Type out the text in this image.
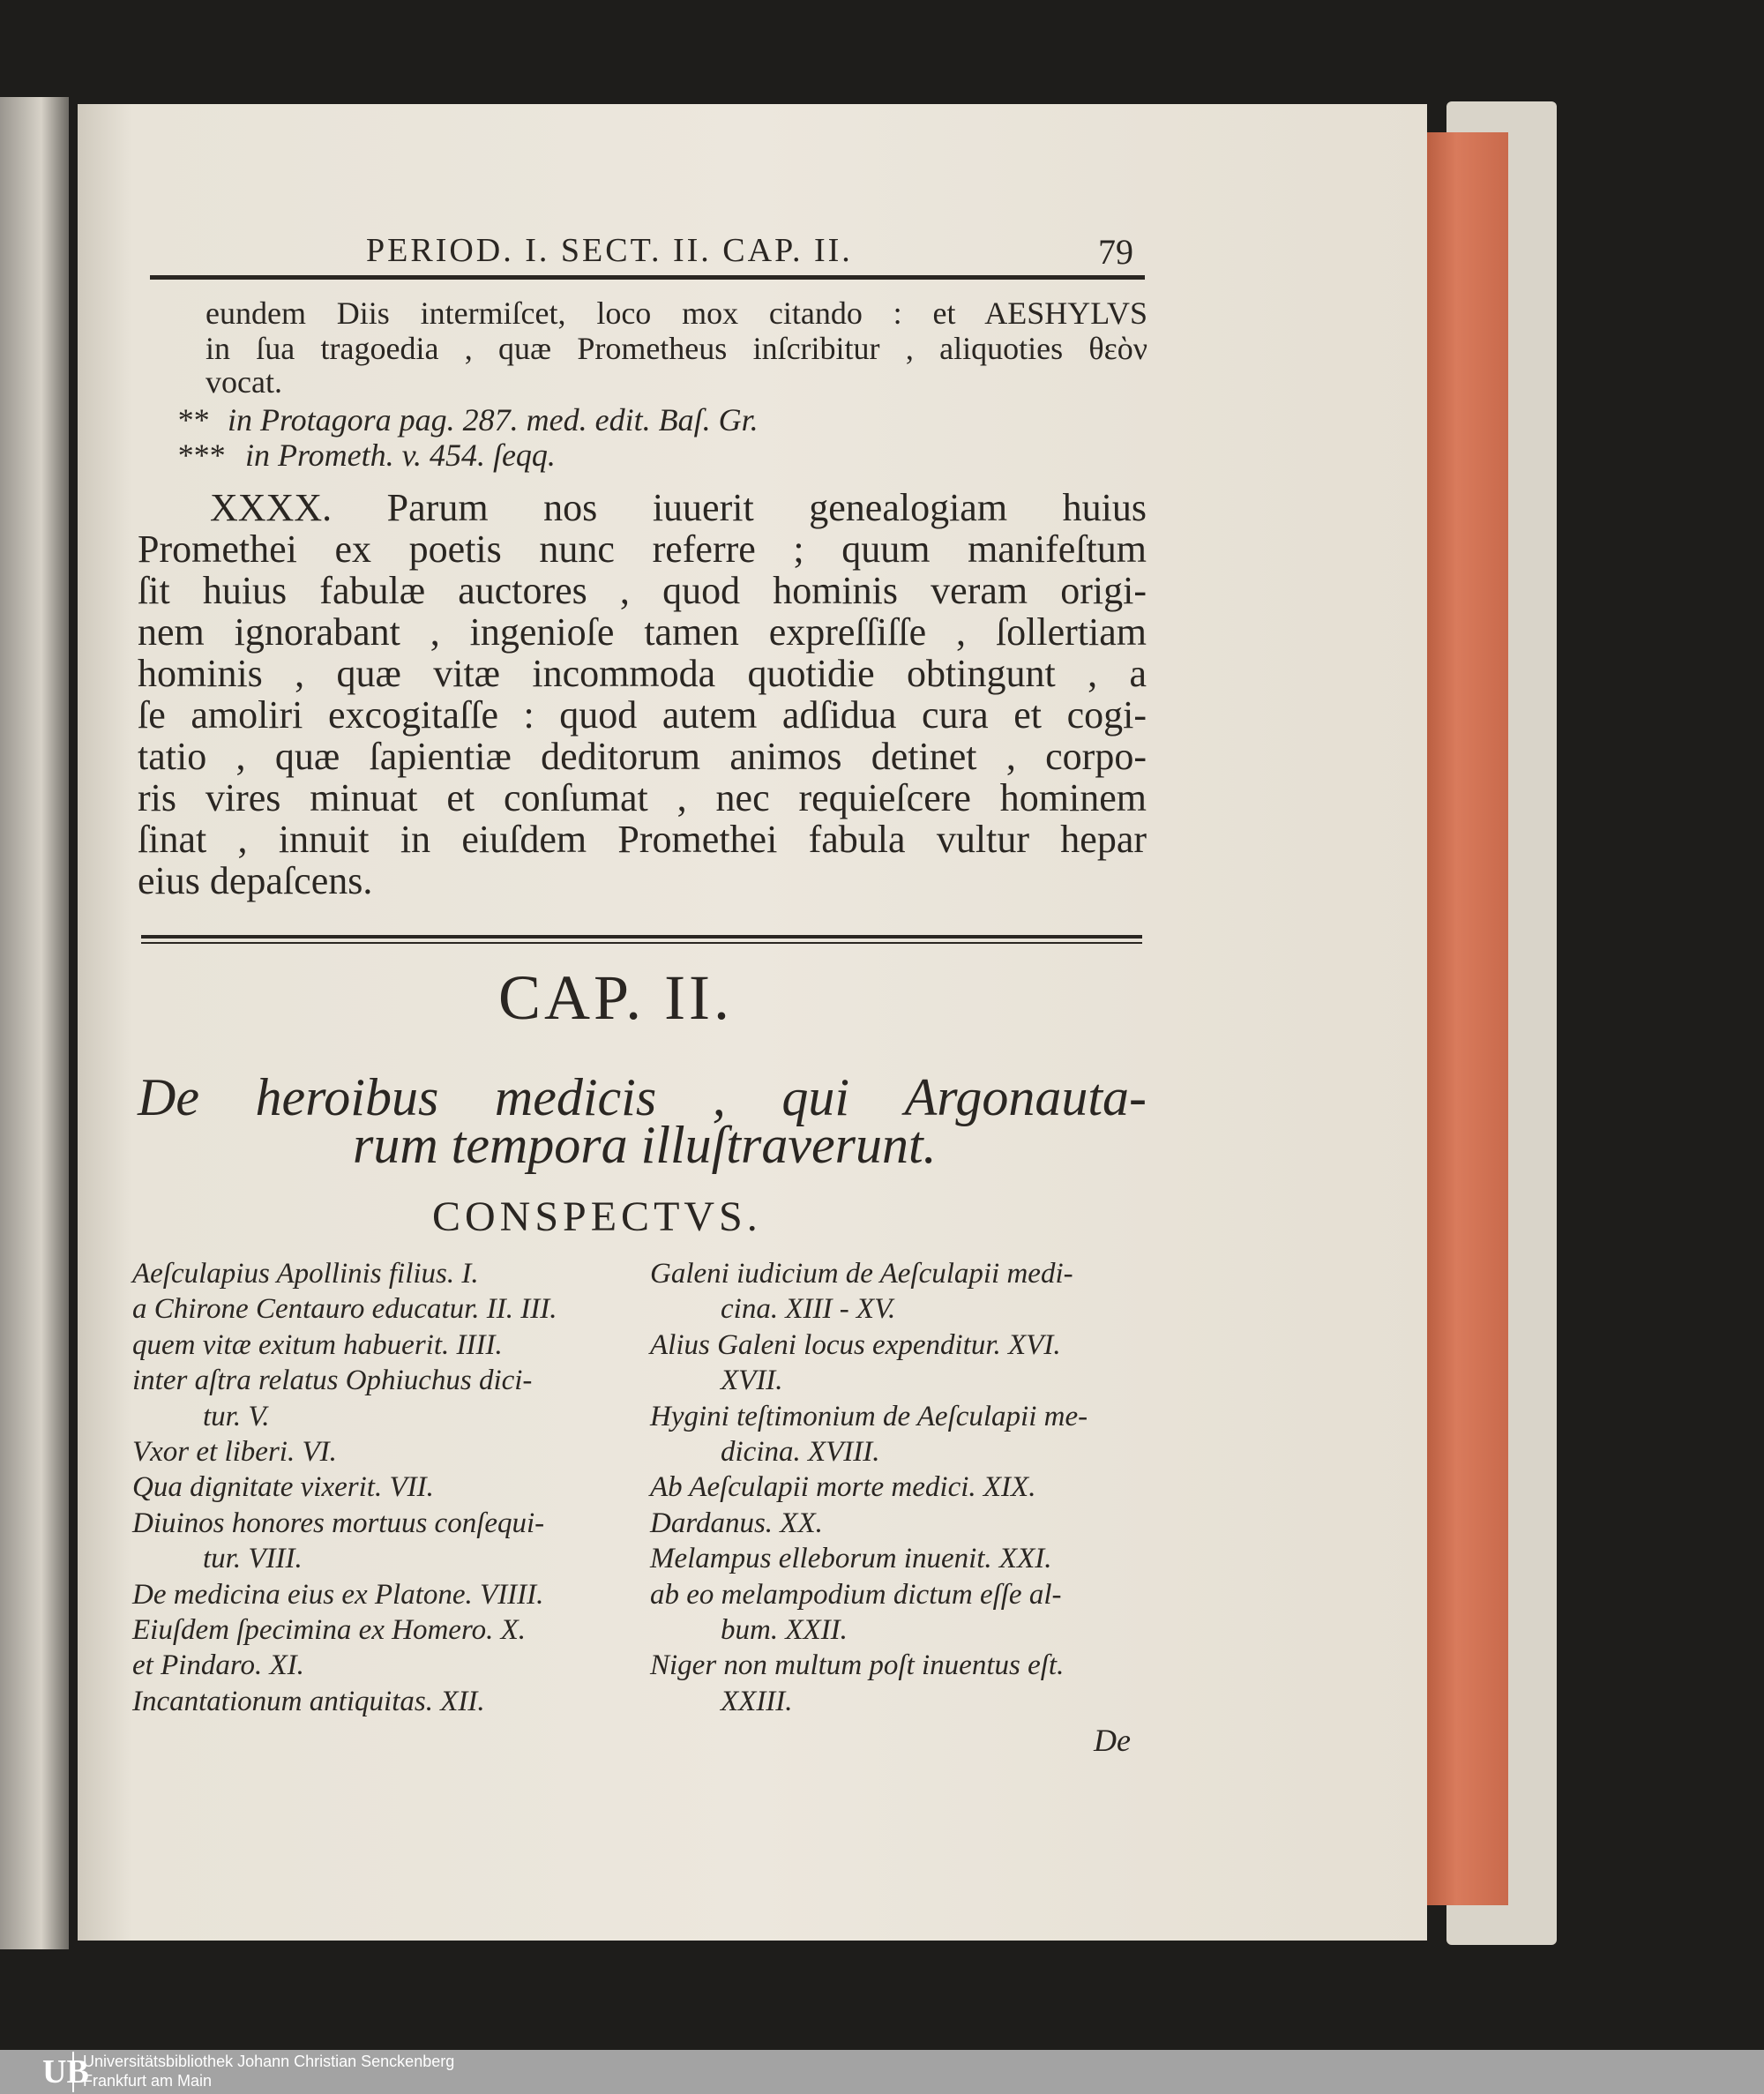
PERIOD. I. SECT. II. CAP. II.	79
eundem Diis intermiſcet, loco mox citando : et AESHYLVS
in ſua tragoedia , quæ Prometheus inſcribitur , aliquoties θεὸν
vocat.
** in Protagora pag. 287. med. edit. Baſ. Gr.
*** in Prometh. v. 454. ſeqq.
XXXX. Parum nos iuuerit genealogiam huius
Promethei ex poetis nunc referre ; quum manifeſtum
ſit huius fabulæ auctores , quod hominis veram origi-
nem ignorabant , ingenioſe tamen expreſſiſſe , ſollertiam
hominis , quæ vitæ incommoda quotidie obtingunt , a
ſe amoliri excogitaſſe : quod autem adſidua cura et cogi-
tatio , quæ ſapientiæ deditorum animos detinet , corpo-
ris vires minuat et conſumat , nec requieſcere hominem
ſinat , innuit in eiuſdem Promethei fabula vultur hepar
eius depaſcens.
CAP. II.
De heroibus medicis , qui Argonauta-
rum tempora illuſtraverunt.
CONSPECTVS.
Aeſculapius Apollinis filius. I.
a Chirone Centauro educatur. II. III.
quem vitæ exitum habuerit. IIII.
inter aſtra relatus Ophiuchus dici-
tur. V.
Vxor et liberi. VI.
Qua dignitate vixerit. VII.
Diuinos honores mortuus conſequi-
tur. VIII.
De medicina eius ex Platone. VIIII.
Eiuſdem ſpecimina ex Homero. X.
et Pindaro. XI.
Incantationum antiquitas. XII.
Galeni iudicium de Aeſculapii medi-
cina. XIII - XV.
Alius Galeni locus expenditur. XVI.
XVII.
Hygini teſtimonium de Aeſculapii me-
dicina. XVIII.
Ab Aeſculapii morte medici. XIX.
Dardanus. XX.
Melampus elleborum inuenit. XXI.
ab eo melampodium dictum eſſe al-
bum. XXII.
Niger non multum poſt inuentus eſt.
XXIII.
De
UB
Universitätsbibliothek Johann Christian Senckenberg
Frankfurt am Main
